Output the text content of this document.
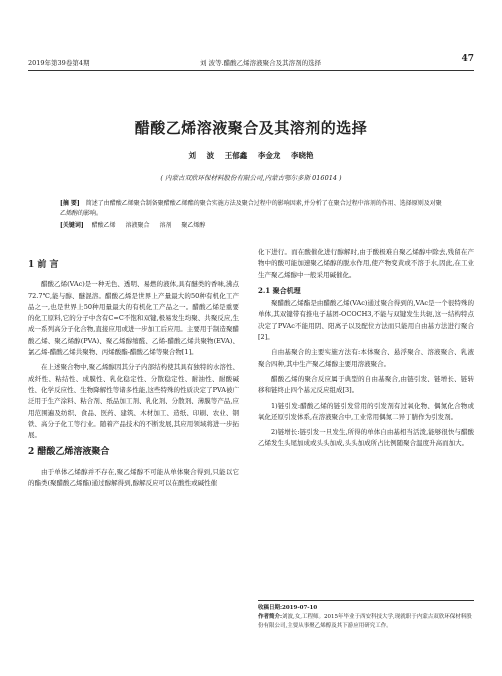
2019年第39卷第4期	刘 波等.醋酸乙烯溶液聚合及其溶剂的选择	47
醋酸乙烯溶液聚合及其溶剂的选择
刘 波 王郁鑫 李金龙 李晓艳
( 内蒙古双欣环保材料股份有限公司,内蒙古鄂尔多斯 016014 )
[摘 要] 简述了由醋酸乙烯聚合制备聚醋酸乙烯酯的聚合实施方法及聚合过程中的影响因素,并分析了在聚合过程中溶剂的作用、选择原则及对聚乙烯醇的影响。
[关键词] 醋酸乙烯 溶液聚合 溶剂 聚乙烯醇
1 前 言

醋酸乙烯(VAc)是一种无色、透明、易燃的液体,具有醚类的香味,沸点72.7℃,能与醇、醚混溶。醋酸乙烯是世界上产量最大的50种有机化工产品之一,也是世界上50种用量最大的有机化工产品之一。醋酸乙烯是重要的化工原料,它的分子中含有C=C不饱和双键,极易发生均聚、共聚反应,生成一系列高分子化合物,直接应用或进一步加工后应用。主要用于制造聚醋酸乙烯、聚乙烯醇(PVA)、聚乙烯醇缩醛、乙烯-醋酸乙烯共聚物(EVA)、氯乙烯-醋酸乙烯共聚物、丙烯酸酯-醋酸乙烯等聚合物[1]。

在上述聚合物中,聚乙烯醇因其分子内部结构使其具有独特的水溶性、成纤性、粘结性、成膜性、乳化稳定性、分散稳定性、耐油性、耐酸碱性、化学反应性、生物降解性等诸多性能,这些特殊的性质决定了PVA被广泛用于生产涂料、粘合剂、纸品加工剂、乳化剂、分散剂、薄膜等产品,应用范围遍及纺织、食品、医药、建筑、木材加工、造纸、印刷、农业、钢铁、高分子化工等行业。随着产品技术的不断发展,其应用领域将进一步拓展。

2 醋酸乙烯溶液聚合

由于单体乙烯醇并不存在,聚乙烯醇不可能从单体聚合得到,只能以它的酯类(聚醋酸乙烯酯)通过醇解得到,醇解反应可以在酸性或碱性催

化下进行。而在酸催化进行醇解时,由于酸极难自聚乙烯醇中除去,残留在产物中的酸可能加速聚乙烯醇的脱水作用,使产物变黄或不溶于水,因此,在工业生产聚乙烯醇中一般采用碱催化。

2.1 聚合机理

聚醋酸乙烯酯是由醋酸乙烯(VAc)通过聚合得到的,VAc是一个很特殊的单体,其双键带有推电子基团-OCOCH3,不能与双键发生共轭,这一结构特点决定了PVAc不能用阴、阳离子以及配位方法而只能用自由基方法进行聚合[2]。

自由基聚合的主要实施方法有:本体聚合、悬浮聚合、溶液聚合、乳液聚合四种,其中生产聚乙烯醇主要用溶液聚合。

醋酸乙烯的聚合反应属于典型的自由基聚合,由链引发、链增长、链转移和链终止四个基元反应组成[3]。

1)链引发:醋酸乙烯的链引发常用的引发剂有过氧化物、偶氮化合物或氧化还原引发体系,在溶液聚合中,工业常用偶氮二异丁腈作为引发剂。

2)链增长:链引发一旦发生,所得的单体自由基相当活泼,能够很快与醋酸乙烯发生头尾加成或头头加成,头头加成所占比例随聚合温度升高而加大。

收稿日期:2019-07-10
作者简介:刘波,女,工程师。2015年毕业于西安科技大学,现就职于内蒙古双欣环保材料股份有限公司,主要从事聚乙烯醇及其下游应用研究工作。
